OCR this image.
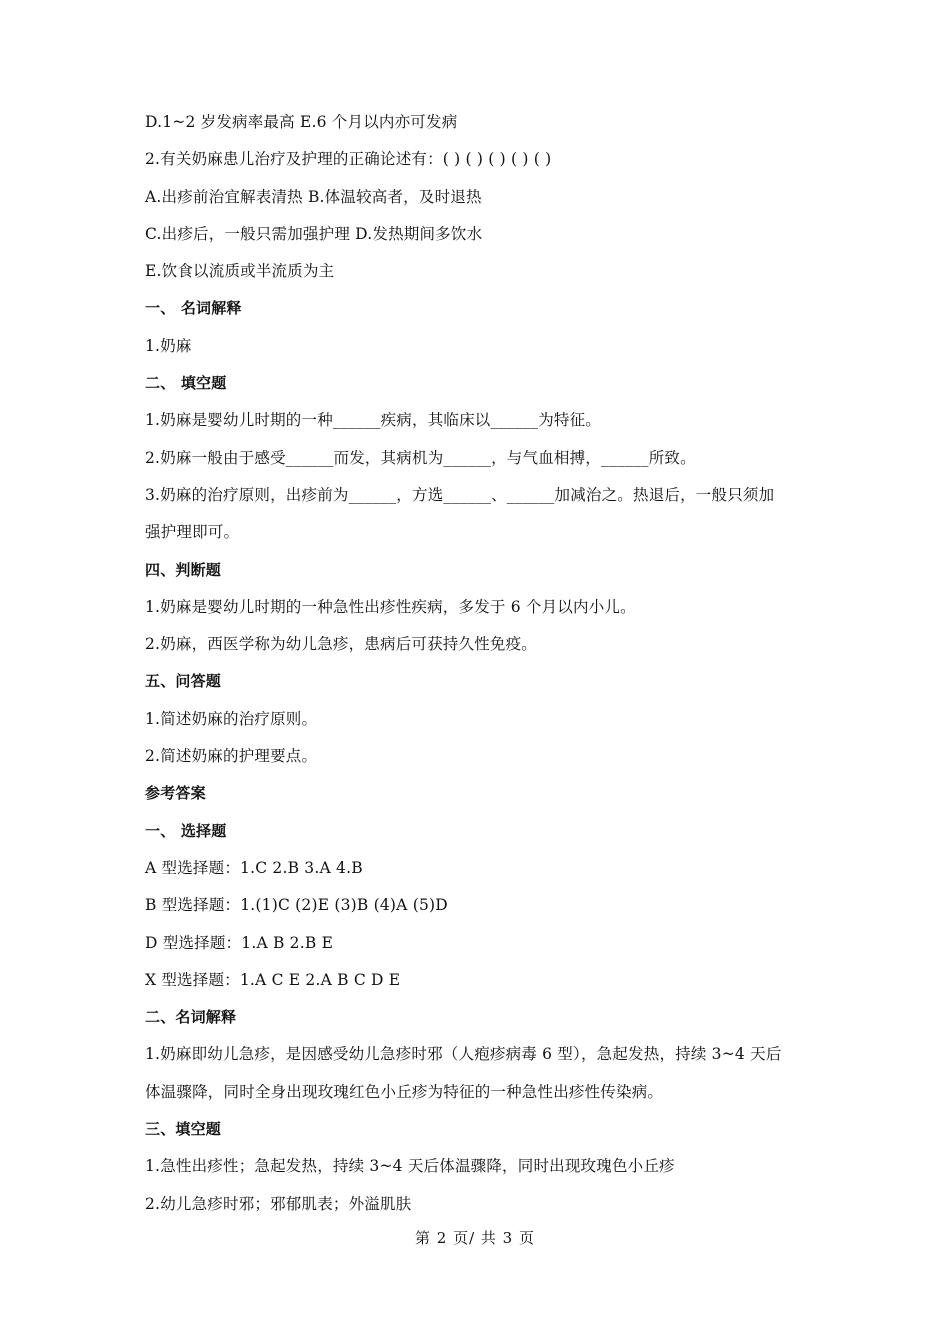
D.1~2 岁发病率最高 E.6 个月以内亦可发病
2.有关奶麻患儿治疗及护理的正确论述有：( ) ( ) ( ) ( ) ( )
A.出疹前治宜解表清热 B.体温较高者，及时退热
C.出疹后，一般只需加强护理 D.发热期间多饮水
E.饮食以流质或半流质为主
一、 名词解释
1.奶麻
二、 填空题
1.奶麻是婴幼儿时期的一种______疾病，其临床以______为特征。
2.奶麻一般由于感受______而发，其病机为______，与气血相搏，______所致。
3.奶麻的治疗原则，出疹前为______，方选______、______加减治之。热退后，一般只须加
强护理即可。
四、判断题
1.奶麻是婴幼儿时期的一种急性出疹性疾病，多发于 6 个月以内小儿。
2.奶麻，西医学称为幼儿急疹，患病后可获持久性免疫。
五、问答题
1.简述奶麻的治疗原则。
2.简述奶麻的护理要点。
参考答案
一、 选择题
A 型选择题：1.C 2.B 3.A 4.B
B 型选择题：1.(1)C (2)E (3)B (4)A (5)D
D 型选择题：1.A B 2.B E
X 型选择题：1.A C E 2.A B C D E
二、名词解释
1.奶麻即幼儿急疹，是因感受幼儿急疹时邪（人疱疹病毒 6 型），急起发热，持续 3~4 天后
体温骤降，同时全身出现玫瑰红色小丘疹为特征的一种急性出疹性传染病。
三、填空题
1.急性出疹性；急起发热，持续 3~4 天后体温骤降，同时出现玫瑰色小丘疹
2.幼儿急疹时邪；邪郁肌表；外溢肌肤
第 2 页/ 共 3 页
